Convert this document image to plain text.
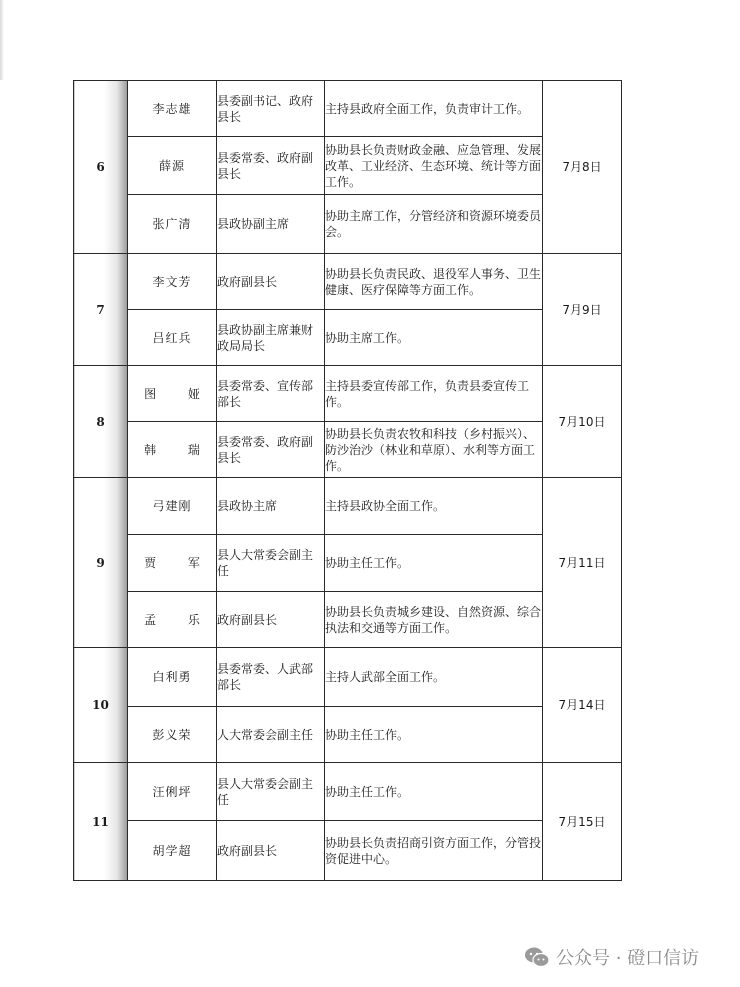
6	李志雄	县委副书记、政府县长	主持县政府全面工作，负责审计工作。	7月8日
	薛源	县委常委、政府副县长	协助县长负责财政金融、应急管理、发展改革、工业经济、生态环境、统计等方面工作。	
	张广清	县政协副主席	协助主席工作，分管经济和资源环境委员会。	
7	李文芳	政府副县长	协助县长负责民政、退役军人事务、卫生健康、医疗保障等方面工作。	7月9日
	吕红兵	县政协副主席兼财政局局长	协助主席工作。	
8	图 娅	县委常委、宣传部部长	主持县委宣传部工作，负责县委宣传工作。	7月10日
	韩 瑞	县委常委、政府副县长	协助县长负责农牧和科技（乡村振兴）、防沙治沙（林业和草原）、水利等方面工作。	
9	弓建刚	县政协主席	主持县政协全面工作。	7月11日
	贾 军	县人大常委会副主任	协助主任工作。	
	孟 乐	政府副县长	协助县长负责城乡建设、自然资源、综合执法和交通等方面工作。	
10	白利勇	县委常委、人武部部长	主持人武部全面工作。	7月14日
	彭义荣	人大常委会副主任	协助主任工作。	
11	汪俐坪	县人大常委会副主任	协助主任工作。	7月15日
	胡学超	政府副县长	协助县长负责招商引资方面工作，分管投资促进中心。	
公众号 · 磴口信访
